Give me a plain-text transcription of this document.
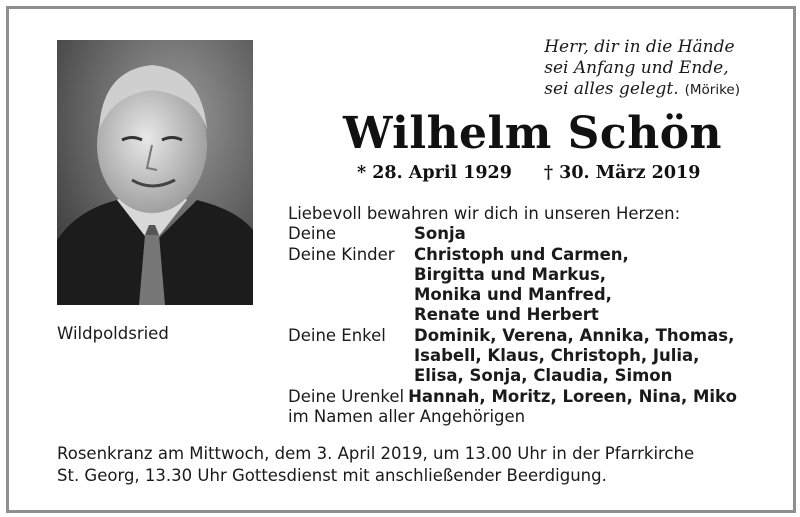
Wildpoldsried
Herr, dir in die Hände
sei Anfang und Ende,
sei alles gelegt. (Mörike)
Wilhelm Schön
* 28. April 1929 † 30. März 2019
Liebevoll bewahren wir dich in unseren Herzen:
Deine	Sonja
Deine Kinder	Christoph und Carmen,
Birgitta und Markus,
Monika und Manfred,
Renate und Herbert
Deine Enkel	Dominik, Verena, Annika, Thomas,
Isabell, Klaus, Christoph, Julia,
Elisa, Sonja, Claudia, Simon
Deine Urenkel Hannah, Moritz, Loreen, Nina, Miko
im Namen aller Angehörigen
Rosenkranz am Mittwoch, dem 3. April 2019, um 13.00 Uhr in der Pfarrkirche
St. Georg, 13.30 Uhr Gottesdienst mit anschließender Beerdigung.
